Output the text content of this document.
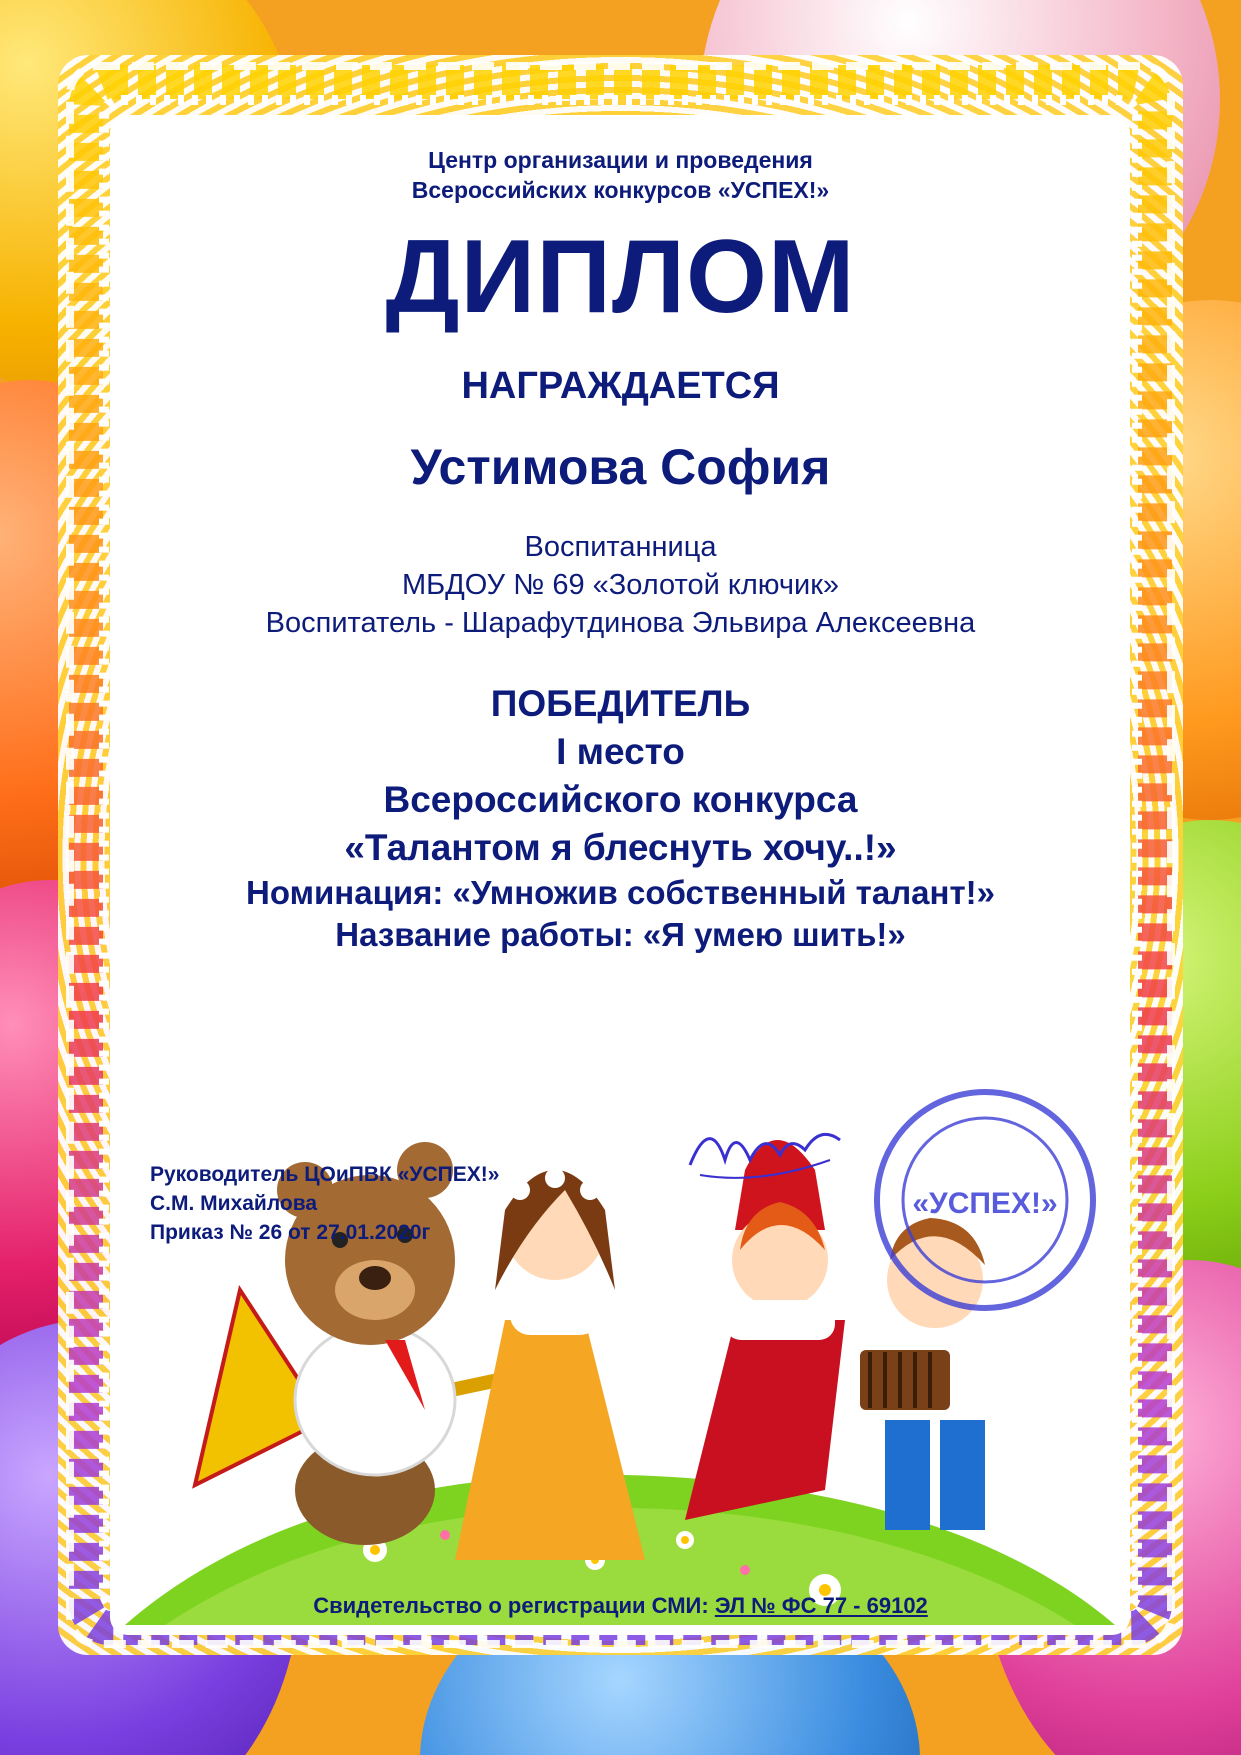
Центр организации и проведения
Всероссийских конкурсов «УСПЕХ!»
ДИПЛОМ
НАГРАЖДАЕТСЯ
Устимова София
Воспитанница
МБДОУ № 69 «Золотой ключик»
Воспитатель - Шарафутдинова Эльвира Алексеевна
ПОБЕДИТЕЛЬ
I место
Всероссийского конкурса
«Талантом я блеснуть хочу..!»
Номинация: «Умножив собственный талант!»
Название работы: «Я умею шить!»
«УСПЕХ!»
Руководитель ЦОиПВК «УСПЕХ!»
С.М. Михайлова
Приказ № 26 от 27.01.2020г
Свидетельство о регистрации СМИ: ЭЛ № ФС 77 - 69102
